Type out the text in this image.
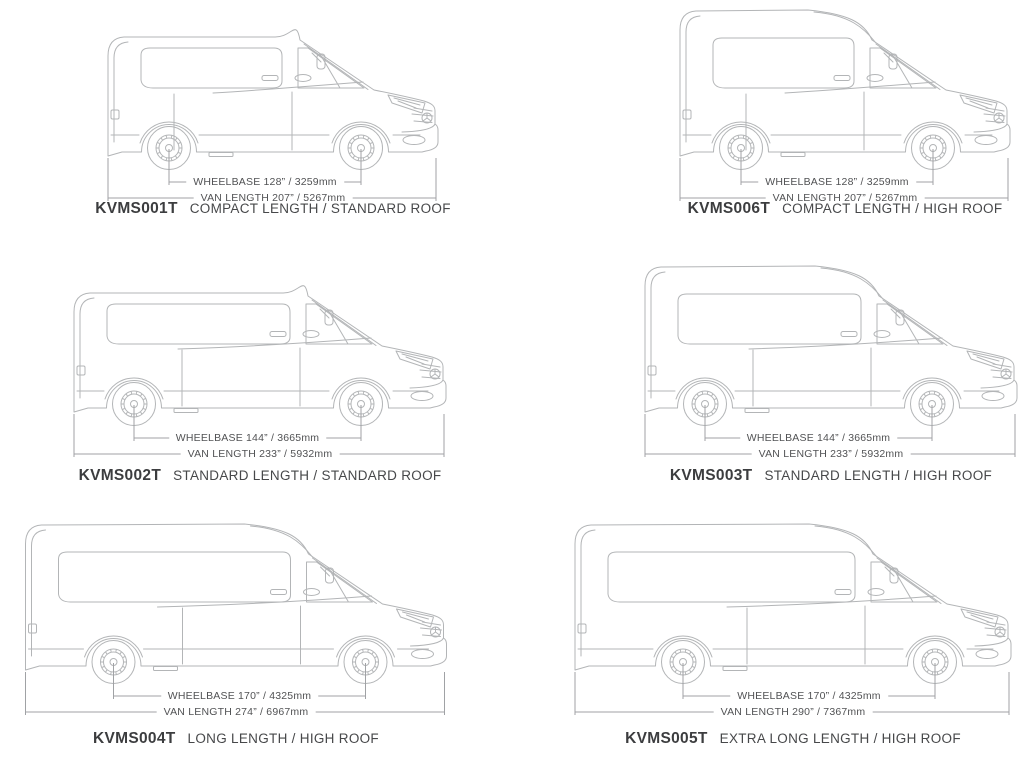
WHEELBASE 128” / 3259mm
VAN LENGTH 207” / 5267mm
KVMS001T COMPACT LENGTH / STANDARD ROOF
WHEELBASE 128” / 3259mm
VAN LENGTH 207” / 5267mm
KVMS006T COMPACT LENGTH / HIGH ROOF
WHEELBASE 144” / 3665mm
VAN LENGTH 233” / 5932mm
KVMS002T STANDARD LENGTH / STANDARD ROOF
WHEELBASE 144” / 3665mm
VAN LENGTH 233” / 5932mm
KVMS003T STANDARD LENGTH / HIGH ROOF
WHEELBASE 170” / 4325mm
VAN LENGTH 274” / 6967mm
KVMS004T LONG LENGTH / HIGH ROOF
WHEELBASE 170” / 4325mm
VAN LENGTH 290” / 7367mm
KVMS005T EXTRA LONG LENGTH / HIGH ROOF
